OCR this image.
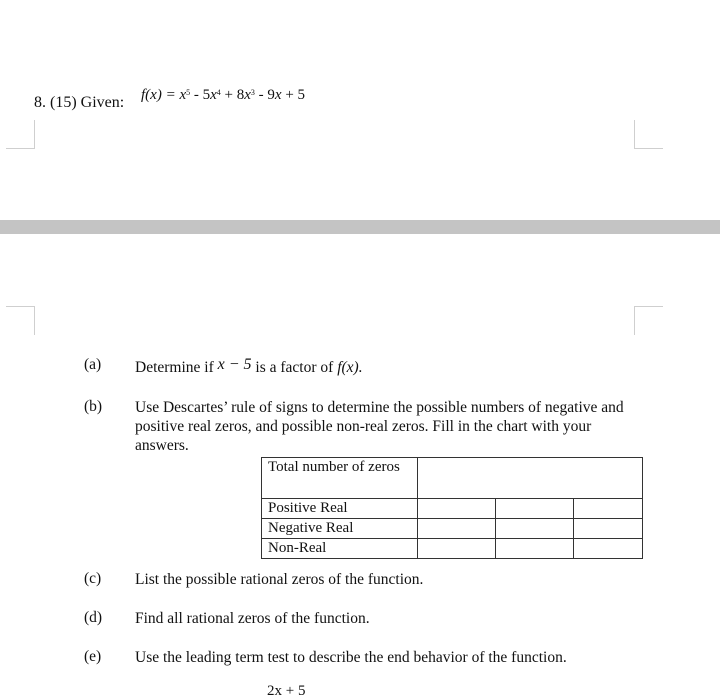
8. (15) Given: $f(x) = x^5 - 5x^4 + 8x^3 - 9x + 5$
(a) Determine if x − 5 is a factor of f(x).
(b) Use Descartes’ rule of signs to determine the possible numbers of negative and positive real zeros, and possible non-real zeros. Fill in the chart with your answers.
Total number of zeros			
Positive Real			
Negative Real			
Non-Real			
(c) List the possible rational zeros of the function.
(d) Find all rational zeros of the function.
(e) Use the leading term test to describe the end behavior of the function.
2x + 5
